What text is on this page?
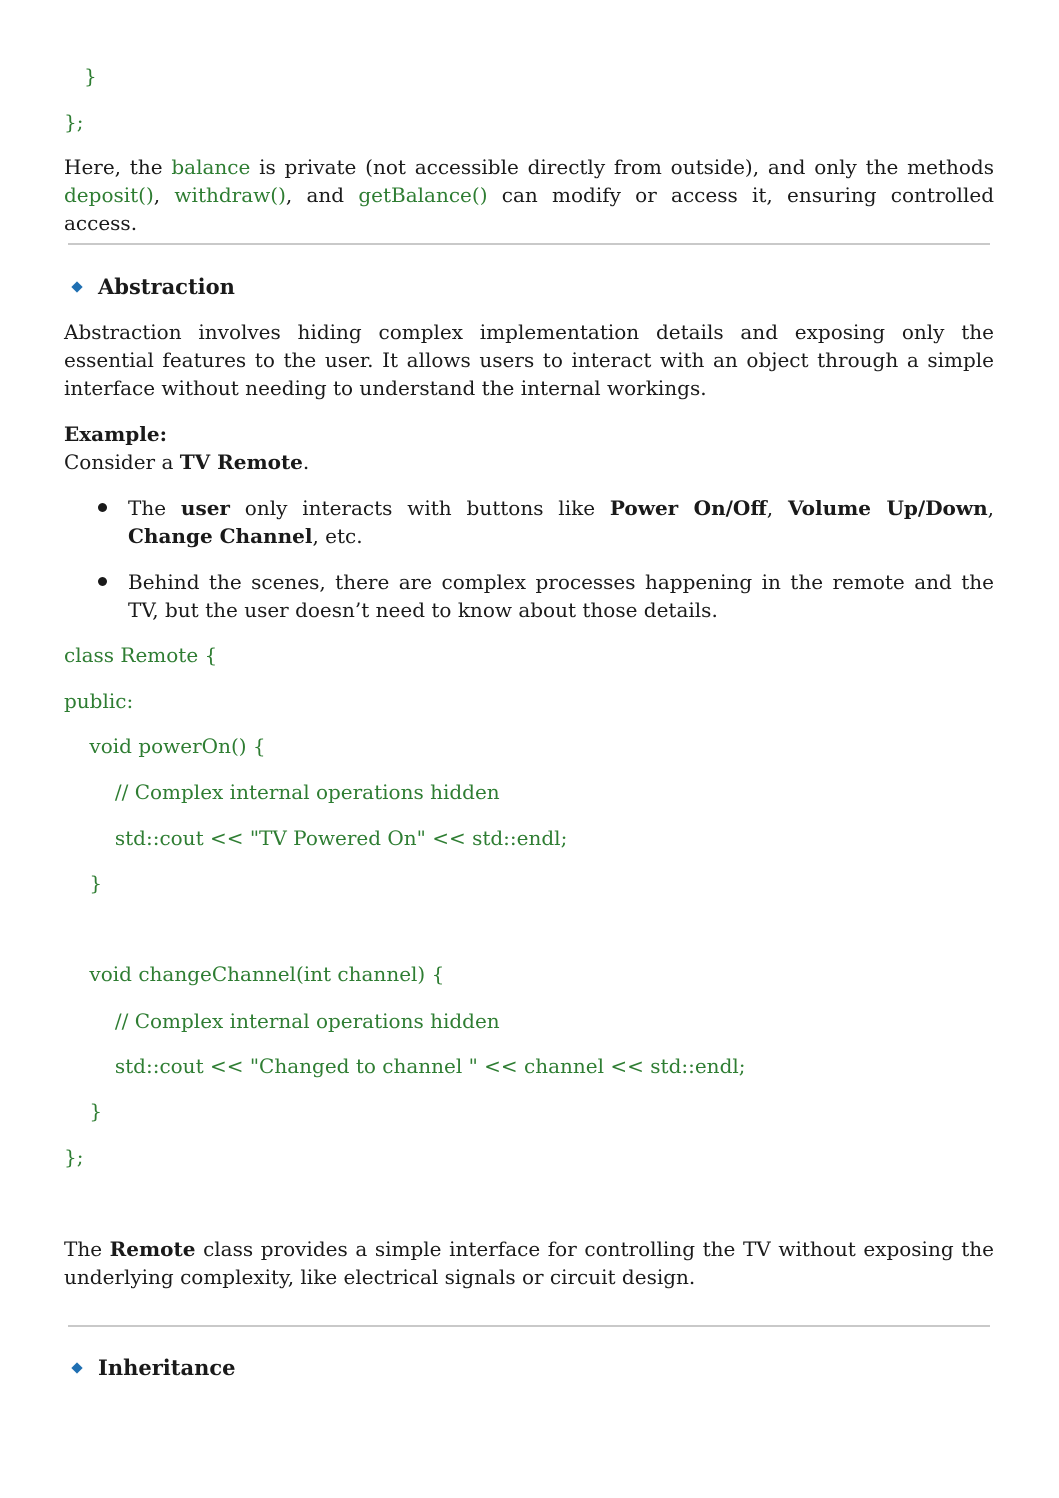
}
};
Here, the balance is private (not accessible directly from outside), and only the methods deposit(), withdraw(), and getBalance() can modify or access it, ensuring controlled access.
Abstraction
Abstraction involves hiding complex implementation details and exposing only the essential features to the user. It allows users to interact with an object through a simple interface without needing to understand the internal workings.
Example:
Consider a TV Remote.
The user only interacts with buttons like Power On/Off, Volume Up/Down, Change Channel, etc.
Behind the scenes, there are complex processes happening in the remote and the TV, but the user doesn’t need to know about those details.
class Remote {
public:
void powerOn() {
// Complex internal operations hidden
std::cout << "TV Powered On" << std::endl;
}
void changeChannel(int channel) {
// Complex internal operations hidden
std::cout << "Changed to channel " << channel << std::endl;
}
};
The Remote class provides a simple interface for controlling the TV without exposing the underlying complexity, like electrical signals or circuit design.
Inheritance
